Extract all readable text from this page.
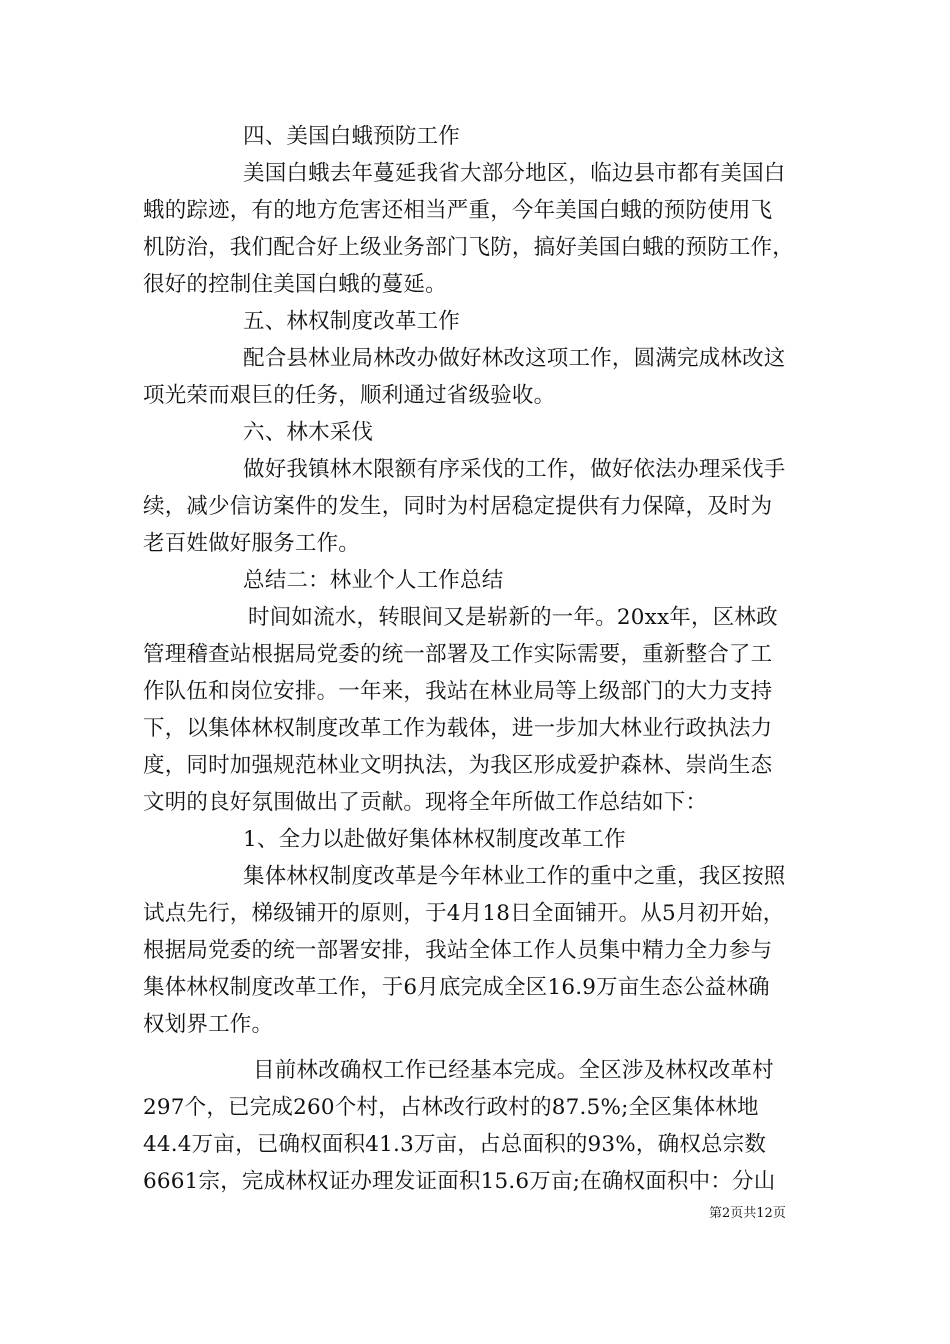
四、美国白蛾预防工作
美国白蛾去年蔓延我省大部分地区，临边县市都有美国白
蛾的踪迹，有的地方危害还相当严重，今年美国白蛾的预防使用飞
机防治，我们配合好上级业务部门飞防，搞好美国白蛾的预防工作，
很好的控制住美国白蛾的蔓延。
五、林权制度改革工作
配合县林业局林改办做好林改这项工作，圆满完成林改这
项光荣而艰巨的任务，顺利通过省级验收。
六、林木采伐
做好我镇林木限额有序采伐的工作，做好依法办理采伐手
续，减少信访案件的发生，同时为村居稳定提供有力保障，及时为
老百姓做好服务工作。
总结二：林业个人工作总结
时间如流水，转眼间又是崭新的一年。20xx年，区林政
管理稽查站根据局党委的统一部署及工作实际需要，重新整合了工
作队伍和岗位安排。一年来，我站在林业局等上级部门的大力支持
下，以集体林权制度改革工作为载体，进一步加大林业行政执法力
度，同时加强规范林业文明执法，为我区形成爱护森林、崇尚生态
文明的良好氛围做出了贡献。现将全年所做工作总结如下：
1、全力以赴做好集体林权制度改革工作
集体林权制度改革是今年林业工作的重中之重，我区按照
试点先行，梯级铺开的原则，于4月18日全面铺开。从5月初开始，
根据局党委的统一部署安排，我站全体工作人员集中精力全力参与
集体林权制度改革工作，于6月底完成全区16.9万亩生态公益林确
权划界工作。
目前林改确权工作已经基本完成。全区涉及林权改革村
297个，已完成260个村，占林改行政村的87.5%;全区集体林地
44.4万亩，已确权面积41.3万亩，占总面积的93%，确权总宗数
6661宗，完成林权证办理发证面积15.6万亩;在确权面积中：分山
第2页共12页
